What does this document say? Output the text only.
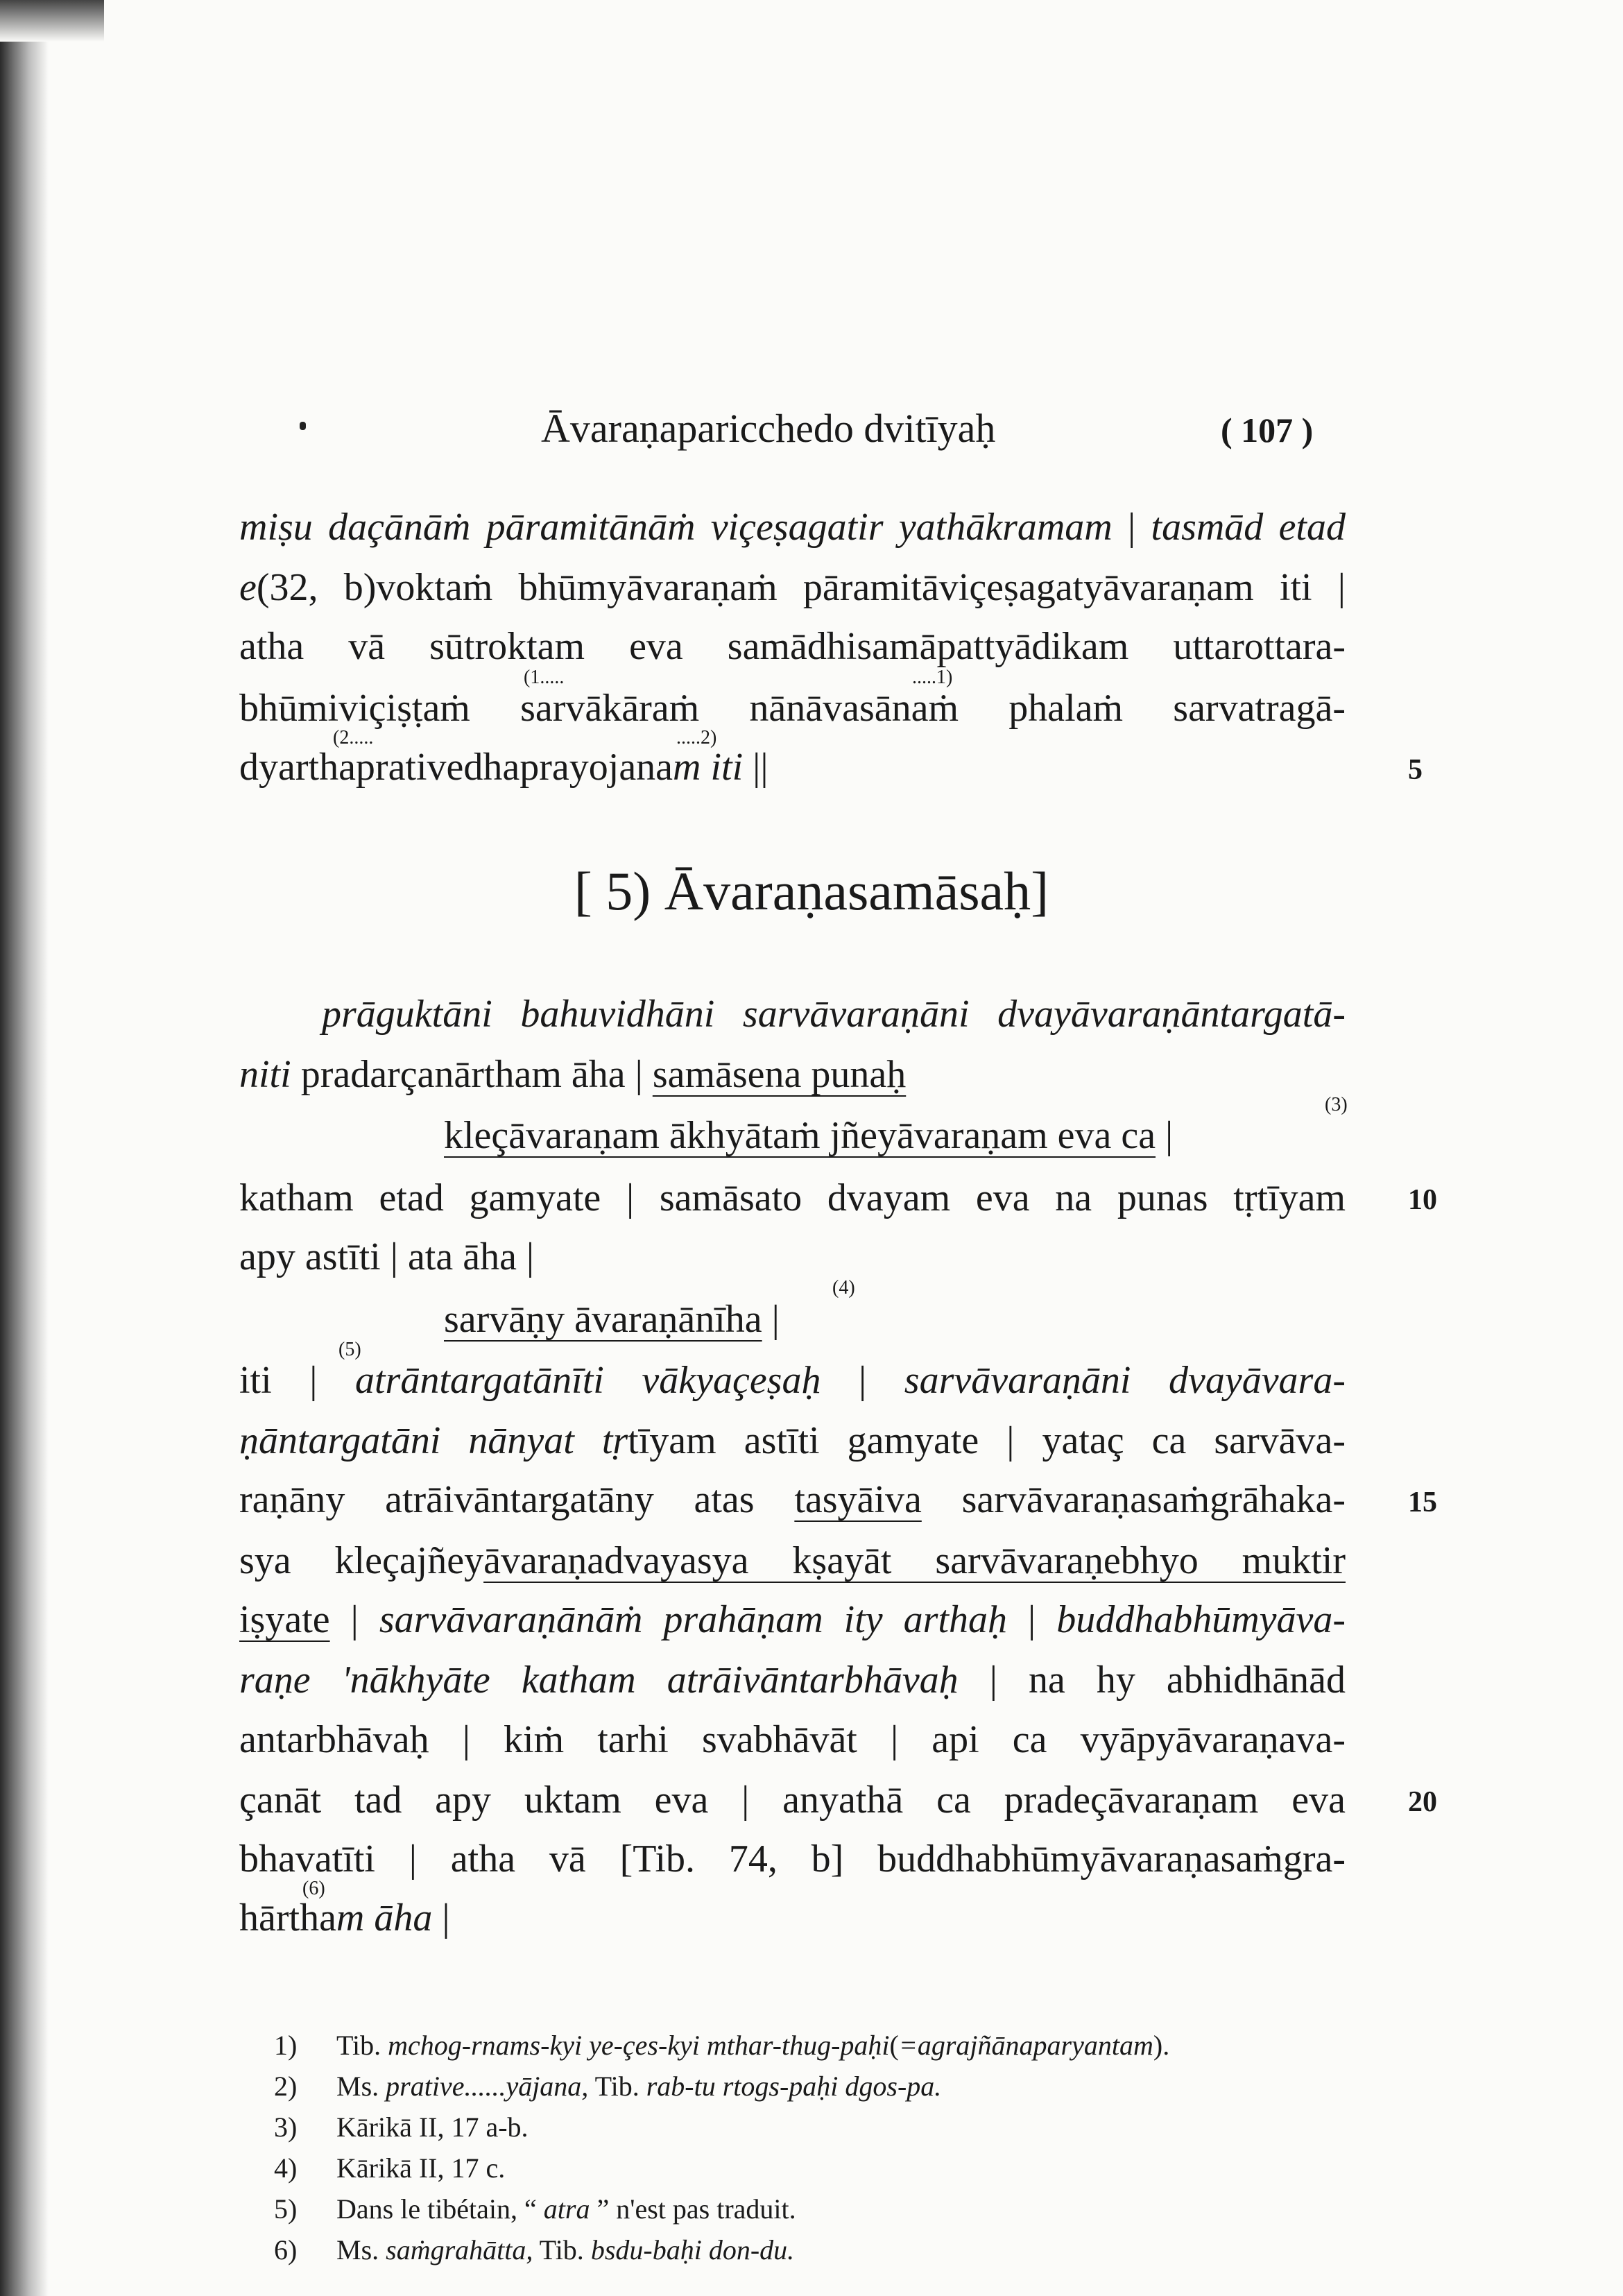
Āvaraṇaparicchedo dvitīyaḥ	( 107 )
[ 5) Āvaraṇasamāsaḥ]
miṣu daçānāṁ pāramitānāṁ viçeṣagatir yathākramam | tasmād etad
e(32, b)voktaṁ bhūmyāvaraṇaṁ pāramitāviçeṣagatyāvaraṇam iti |
atha vā sūtroktam eva samādhisamāpattyādikam uttarottara-
bhūmiviçiṣṭaṁ sarvākāraṁ nānāvasānaṁ phalaṁ sarvatragā-
dyarthaprativedhaprayojanam iti ||
prāguktāni bahuvidhāni sarvāvaraṇāni dvayāvaraṇāntargatā-
niti pradarçanārtham āha | samāsena punaḥ
kleçāvaraṇam ākhyātaṁ jñeyāvaraṇam eva ca |
katham etad gamyate | samāsato dvayam eva na punas tṛtīyam
apy astīti | ata āha |
sarvāṇy āvaraṇānīha |
iti | atrāntargatānīti vākyaçeṣaḥ | sarvāvaraṇāni dvayāvara-
ṇāntargatāni nānyat tṛtīyam astīti gamyate | yataç ca sarvāva-
raṇāny atrāivāntargatāny atas tasyāiva sarvāvaraṇasaṁgrāhaka-
sya kleçajñeyāvaraṇadvayasya kṣayāt sarvāvaraṇebhyo muktir
iṣyate | sarvāvaraṇānāṁ prahāṇam ity arthaḥ | buddhabhūmyāva-
raṇe 'nākhyāte katham atrāivāntarbhāvaḥ | na hy abhidhānād
antarbhāvaḥ | kiṁ tarhi svabhāvāt | api ca vyāpyāvaraṇava-
çanāt tad apy uktam eva | anyathā ca pradeçāvaraṇam eva
bhavatīti | atha vā [Tib. 74, b] buddhabhūmyāvaraṇasaṁgra-
hārtham āha |
5
10
15
20
(1.....	.....1)
(2.....	.....2)
(3)
(4)
(5)
(6)
1) Tib. mchog-rnams-kyi ye-çes-kyi mthar-thug-paḥi(=agrajñānaparyantam).
2) Ms. prative......yājana, Tib. rab-tu rtogs-paḥi dgos-pa.
3) Kārikā II, 17 a-b.
4) Kārikā II, 17 c.
5) Dans le tibétain, “ atra ” n'est pas traduit.
6) Ms. saṁgrahātta, Tib. bsdu-baḥi don-du.
